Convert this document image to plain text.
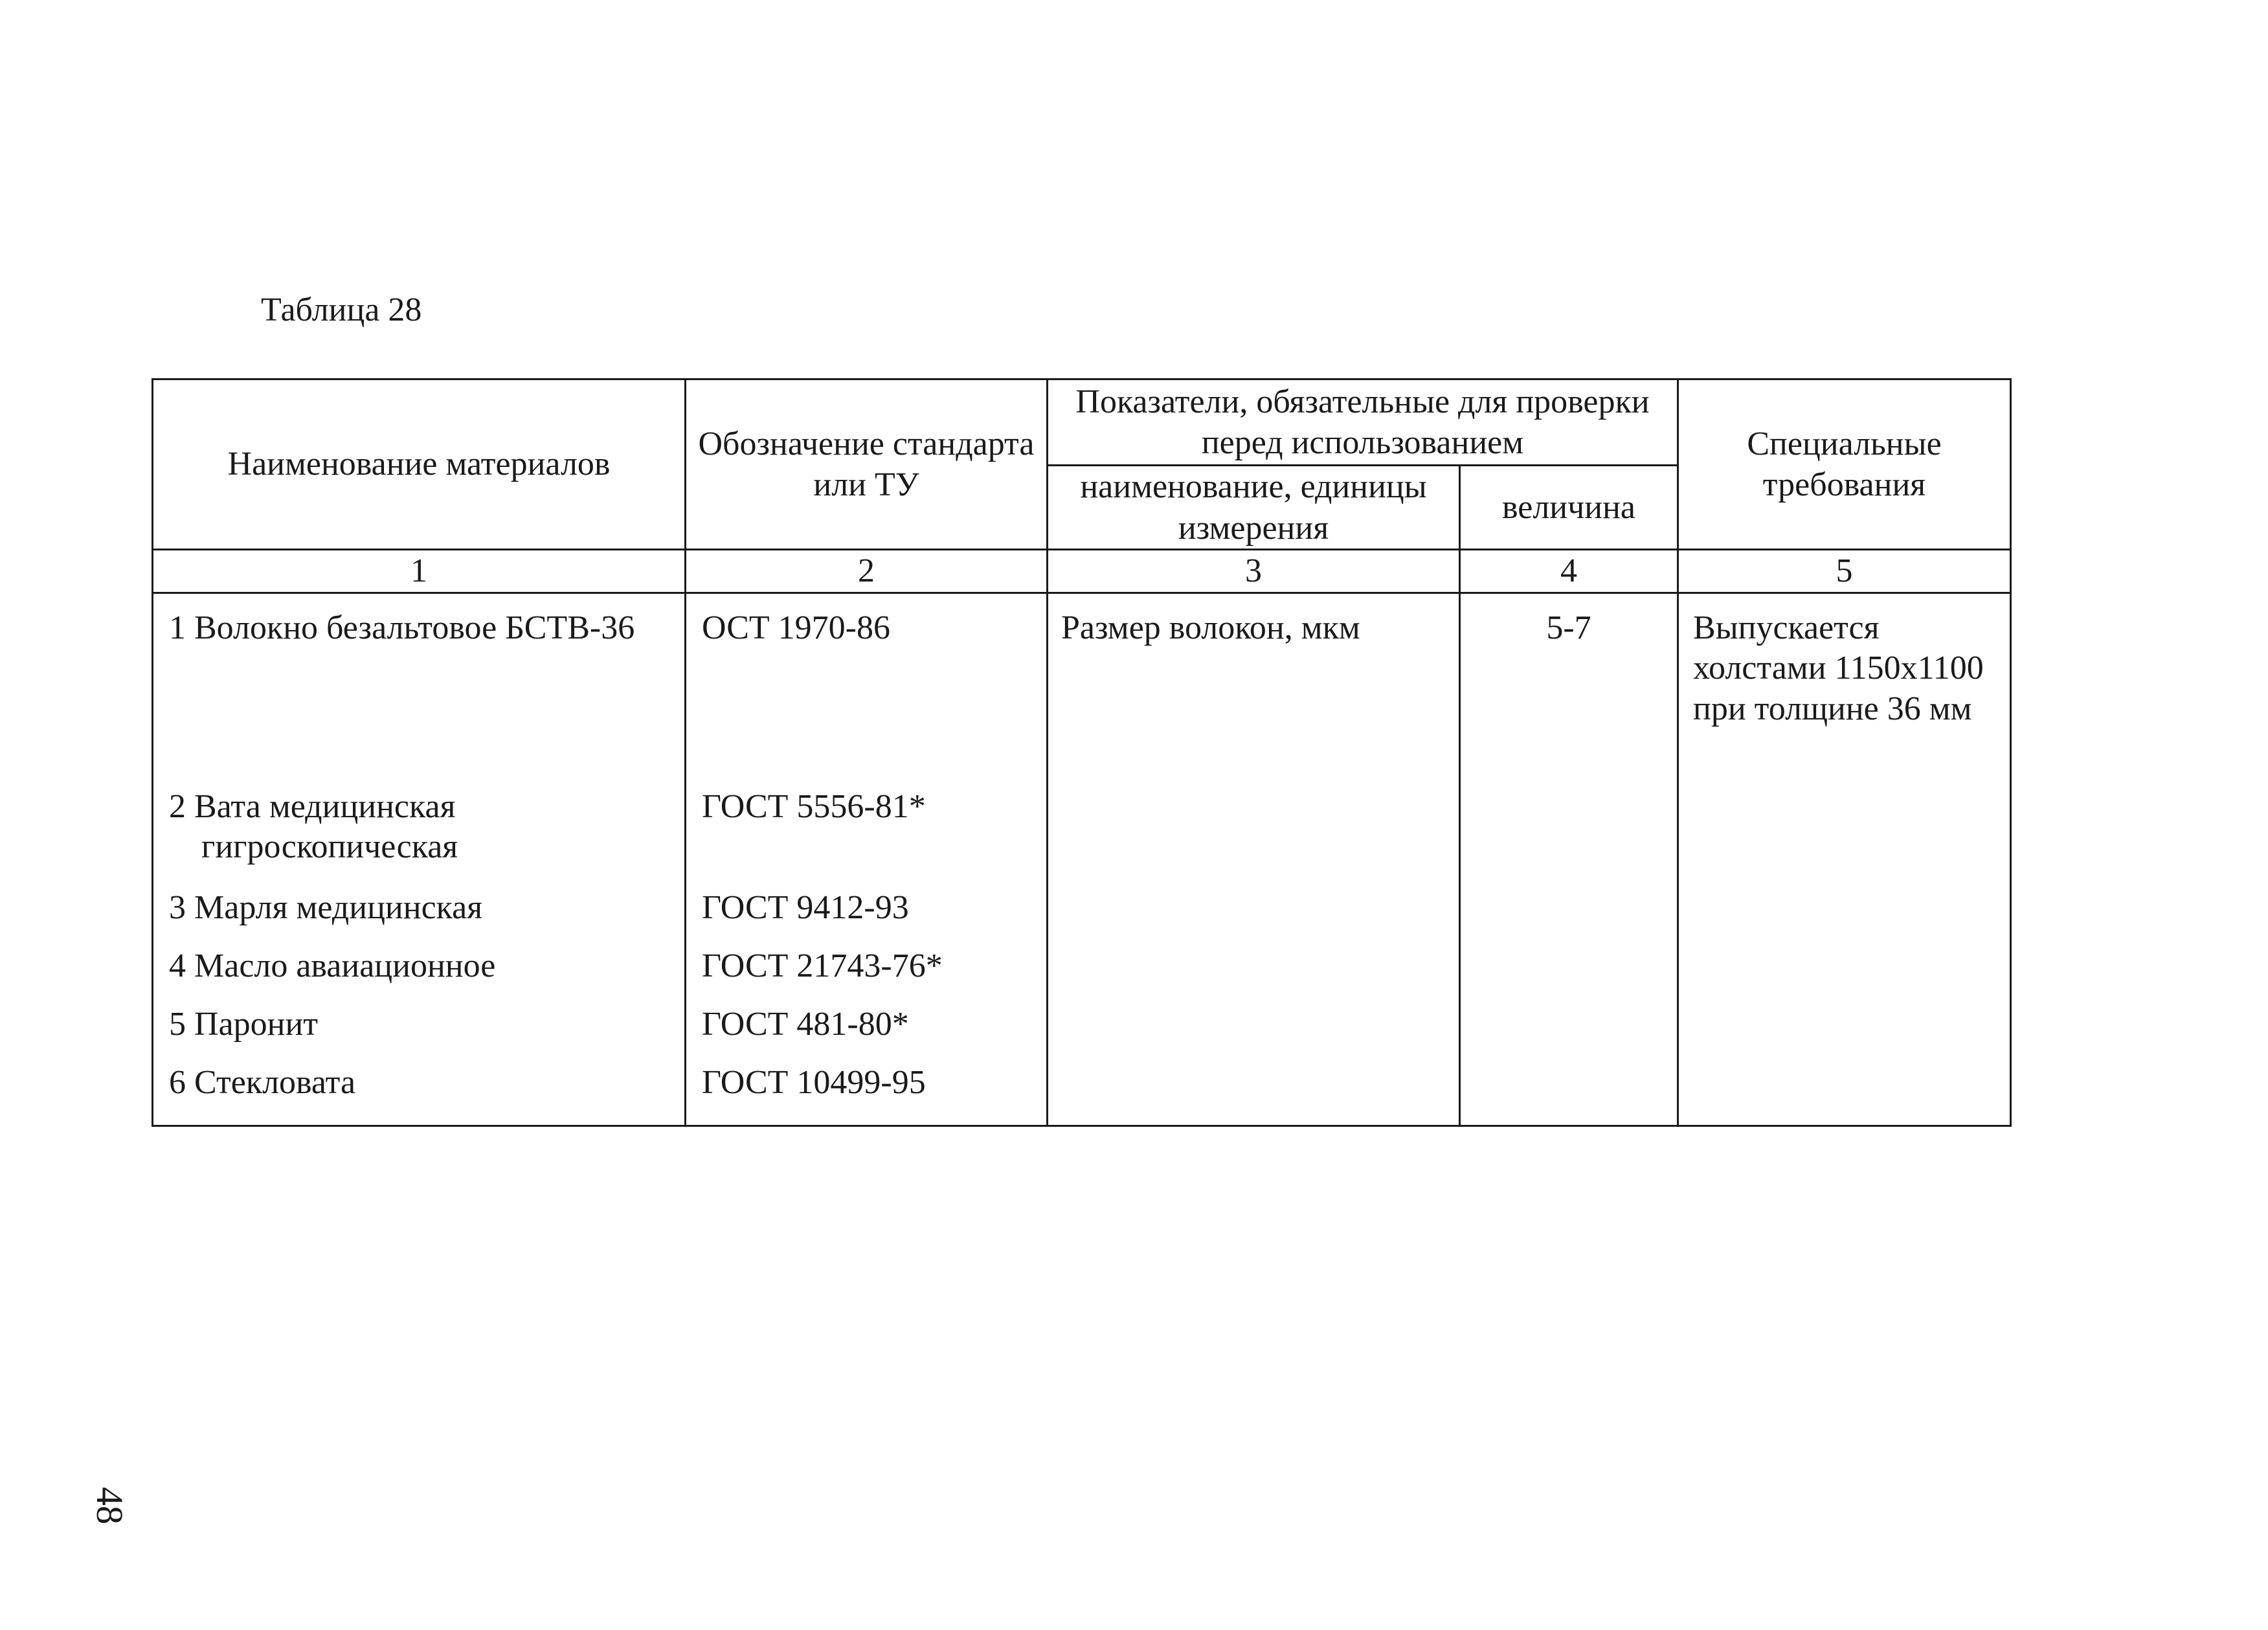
Таблица 28
Наименование материалов	Обозначение стандарта или ТУ	Показатели, обязательные для проверки перед использованием		Специальные требования
		наименование, единицы измерения	величина	
1	2	3	4	5

1 Волокно безальтовое БСТВ-36	ОСТ 1970-86	Размер волокон, мкм	5-7	Выпускается холстами 1150х1100 при толщине 36 мм

2 Вата медицинская гигроскопическая	ГОСТ 5556-81*			

3 Марля медицинская	ГОСТ 9412-93			

4 Масло аваиационное	ГОСТ 21743-76*			

5 Паронит	ГОСТ 481-80*			

6 Стекловата	ГОСТ 10499-95			
48
